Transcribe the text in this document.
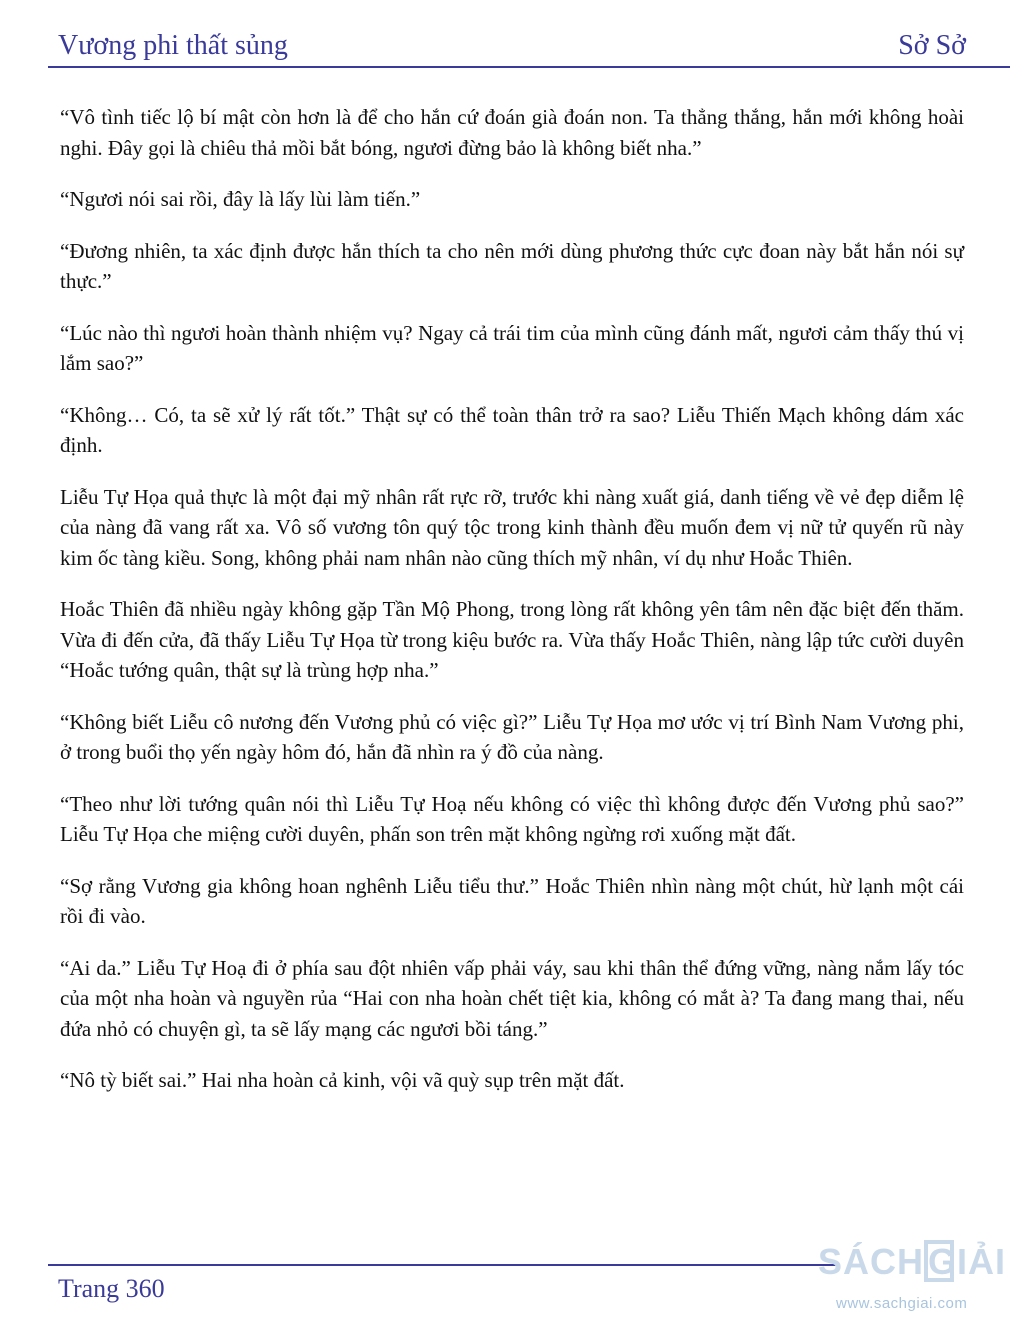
Vương phi thất sủng	Sở Sở

“Vô tình tiếc lộ bí mật còn hơn là để cho hắn cứ đoán già đoán non. Ta thẳng thắng, hắn mới không hoài nghi. Đây gọi là chiêu thả mồi bắt bóng, ngươi đừng bảo là không biết nha.”

“Ngươi nói sai rồi, đây là lấy lùi làm tiến.”

“Đương nhiên, ta xác định được hắn thích ta cho nên mới dùng phương thức cực đoan này bắt hắn nói sự thực.”

“Lúc nào thì ngươi hoàn thành nhiệm vụ? Ngay cả trái tim của mình cũng đánh mất, ngươi cảm thấy thú vị lắm sao?”

“Không… Có, ta sẽ xử lý rất tốt.” Thật sự có thể toàn thân trở ra sao? Liễu Thiến Mạch không dám xác định.

Liễu Tự Họa quả thực là một đại mỹ nhân rất rực rỡ, trước khi nàng xuất giá, danh tiếng về vẻ đẹp diễm lệ của nàng đã vang rất xa. Vô số vương tôn quý tộc trong kinh thành đều muốn đem vị nữ tử quyến rũ này kim ốc tàng kiều. Song, không phải nam nhân nào cũng thích mỹ nhân, ví dụ như Hoắc Thiên.

Hoắc Thiên đã nhiều ngày không gặp Tần Mộ Phong, trong lòng rất không yên tâm nên đặc biệt đến thăm. Vừa đi đến cửa, đã thấy Liễu Tự Họa từ trong kiệu bước ra. Vừa thấy Hoắc Thiên, nàng lập tức cười duyên “Hoắc tướng quân, thật sự là trùng hợp nha.”

“Không biết Liễu cô nương đến Vương phủ có việc gì?” Liễu Tự Họa mơ ước vị trí Bình Nam Vương phi, ở trong buổi thọ yến ngày hôm đó, hắn đã nhìn ra ý đồ của nàng.

“Theo như lời tướng quân nói thì Liễu Tự Hoạ nếu không có việc thì không được đến Vương phủ sao?” Liễu Tự Họa che miệng cười duyên, phấn son trên mặt không ngừng rơi xuống mặt đất.

“Sợ rằng Vương gia không hoan nghênh Liễu tiểu thư.” Hoắc Thiên nhìn nàng một chút, hừ lạnh một cái rồi đi vào.

“Ai da.” Liễu Tự Hoạ đi ở phía sau đột nhiên vấp phải váy, sau khi thân thể đứng vững, nàng nắm lấy tóc của một nha hoàn và nguyền rủa “Hai con nha hoàn chết tiệt kia, không có mắt à? Ta đang mang thai, nếu đứa nhỏ có chuyện gì, ta sẽ lấy mạng các ngươi bồi táng.”

“Nô tỳ biết sai.” Hai nha hoàn cả kinh, vội vã quỳ sụp trên mặt đất.

Trang 360
SÁCH GIẢI
www.sachgiai.com
